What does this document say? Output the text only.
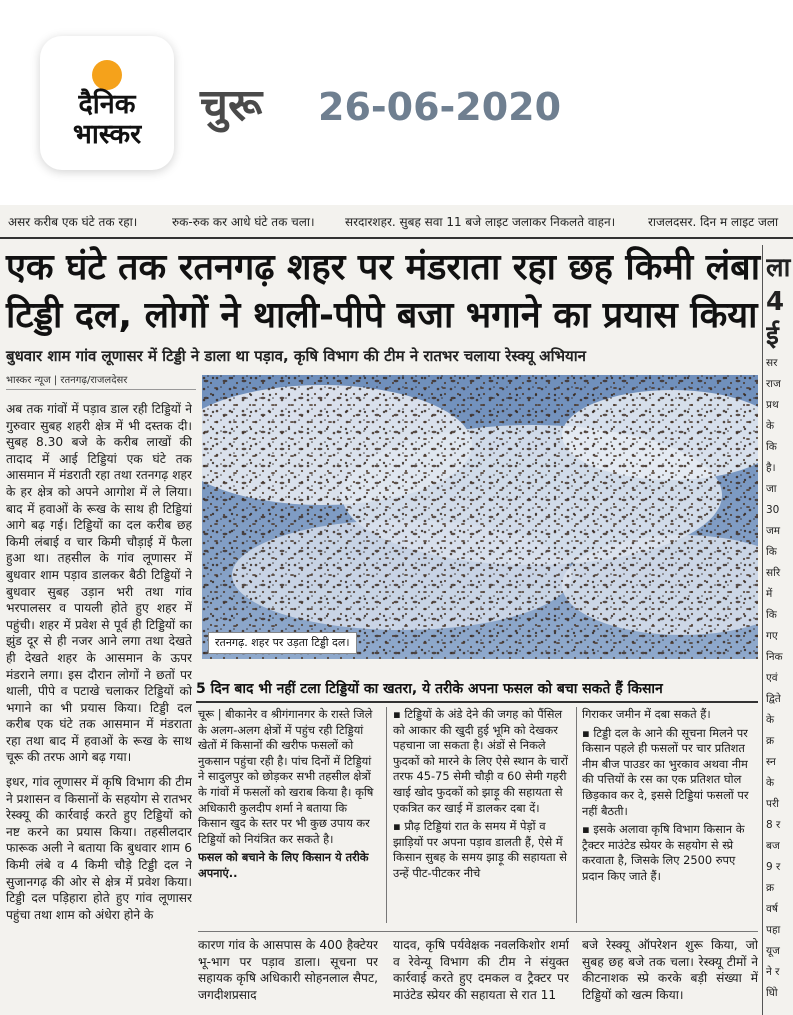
दैनिक
भास्कर
चुरू 26-06-2020
असर करीब एक घंटे तक रहा।	रुक-रुक कर आधे घंटे तक चला।	सरदारशहर. सुबह सवा 11 बजे लाइट जलाकर निकलते वाहन।	राजलदसर. दिन म लाइट जला
एक घंटे तक रतनगढ़ शहर पर मंडराता रहा छह किमी लंबा
टिड्डी दल, लोगों ने थाली-पीपे बजा भगाने का प्रयास किया
बुधवार शाम गांव लूणासर में टिड्डी ने डाला था पड़ाव, कृषि विभाग की टीम ने रातभर चलाया रेस्क्यू अभियान
भास्कर न्यूज | रतनगढ़/राजलदेसर

अब तक गांवों में पड़ाव डाल रही टिड्डियों ने गुरुवार सुबह शहरी क्षेत्र में भी दस्तक दी। सुबह 8.30 बजे के करीब लाखों की तादाद में आई टिड्डियां एक घंटे तक आसमान में मंडराती रहा तथा रतनगढ़ शहर के हर क्षेत्र को अपने आगोश में ले लिया। बाद में हवाओं के रूख के साथ ही टिड्डियां आगे बढ़ गई। टिड्डियों का दल करीब छह किमी लंबाई व चार किमी चौड़ाई में फैला हुआ था। तहसील के गांव लूणासर में बुधवार शाम पड़ाव डालकर बैठी टिड्डियों ने बुधवार सुबह उड़ान भरी तथा गांव भरपालसर व पायली होते हुए शहर में पहुंची। शहर में प्रवेश से पूर्व ही टिड्डियों का झुंड दूर से ही नजर आने लगा तथा देखते ही देखते शहर के आसमान के ऊपर मंडराने लगा। इस दौरान लोगों ने छतों पर थाली, पीपे व पटाखे चलाकर टिड्डियों को भगाने का भी प्रयास किया। टिड्डी दल करीब एक घंटे तक आसमान में मंडराता रहा तथा बाद में हवाओं के रूख के साथ चूरू की तरफ आगे बढ़ गया।

इधर, गांव लूणासर में कृषि विभाग की टीम ने प्रशासन व किसानों के सहयोग से रातभर रेस्क्यू की कार्रवाई करते हुए टिड्डियों को नष्ट करने का प्रयास किया। तहसीलदार फारूक अली ने बताया कि बुधवार शाम 6 किमी लंबे व 4 किमी चौड़े टिड्डी दल ने सुजानगढ़ की ओर से क्षेत्र में प्रवेश किया। टिड्डी दल पड़िहारा होते हुए गांव लूणासर पहुंचा तथा शाम को अंधेरा होने के

रतनगढ़. शहर पर उड़ता टिड्डी दल।
5 दिन बाद भी नहीं टला टिड्डियों का खतरा, ये तरीके अपना फसल को बचा सकते हैं किसान

चूरू | बीकानेर व श्रीगंगानगर के रास्ते जिले के अलग-अलग क्षेत्रों में पहुंच रही टिड्डियां खेतों में किसानों की खरीफ फसलों को नुकसान पहुंचा रही है। पांच दिनों में टिड्डियां ने सादुलपुर को छोड़कर सभी तहसील क्षेत्रों के गांवों में फसलों को खराब किया है। कृषि अधिकारी कुलदीप शर्मा ने बताया कि किसान खुद के स्तर पर भी कुछ उपाय कर टिड्डियों को नियंत्रित कर सकते है।

फसल को बचाने के लिए किसान ये तरीके अपनाएं..

▪ टिड्डियों के अंडे देने की जगह को पैंसिल को आकार की खुदी हुई भूमि को देखकर पहचाना जा सकता है। अंडों से निकले फुदकों को मारने के लिए ऐसे स्थान के चारों तरफ 45-75 सेमी चौड़ी व 60 सेमी गहरी खाई खोद फुदकों को झाड़ू की सहायता से एकत्रित कर खाई में डालकर दबा दें।

▪ प्रौढ़ टिड्डियां रात के समय में पेड़ों व झाड़ियों पर अपना पड़ाव डालती हैं, ऐसे में किसान सुबह के समय झाड़ू की सहायता से उन्हें पीट-पीटकर नीचे

गिराकर जमीन में दबा सकते हैं।

▪ टिड्डी दल के आने की सूचना मिलने पर किसान पहले ही फसलों पर चार प्रतिशत नीम बीज पाउडर का भुरकाव अथवा नीम की पत्तियों के रस का एक प्रतिशत घोल छिड़काव कर दे, इससे टिड्डियां फसलों पर नहीं बैठती।

▪ इसके अलावा कृषि विभाग किसान के ट्रैक्टर माउंटेड स्प्रेयर के सहयोग से स्प्रे करवाता है, जिसके लिए 2500 रुपए प्रदान किए जाते हैं।

कारण गांव के आसपास के 400 हैक्टेयर भू-भाग पर पड़ाव डाला। सूचना पर सहायक कृषि अधिकारी सोहनलाल सैपट, जगदीशप्रसाद
यादव, कृषि पर्यवेक्षक नवलकिशोर शर्मा व रेवेन्यू विभाग की टीम ने संयुक्त कार्रवाई करते हुए दमकल व ट्रैक्टर पर माउंटेड स्प्रेयर की सहायता से रात 11
बजे रेस्क्यू ऑपरेशन शुरू किया, जो सुबह छह बजे तक चला। रेस्क्यू टीमों ने कीटनाशक स्प्रे करके बड़ी संख्या में टिड्डियों को खत्म किया।
ला
4
ई
सर
राज
प्रथ
के
कि
है।
जा
30
जम
कि
सरि
में
कि
गए
निक
एवं
द्विते
के
क्र
स्न
के
परी
8 र
बज
9 र
क्र
वर्ष
पहा
यूज
ने र
घोि
